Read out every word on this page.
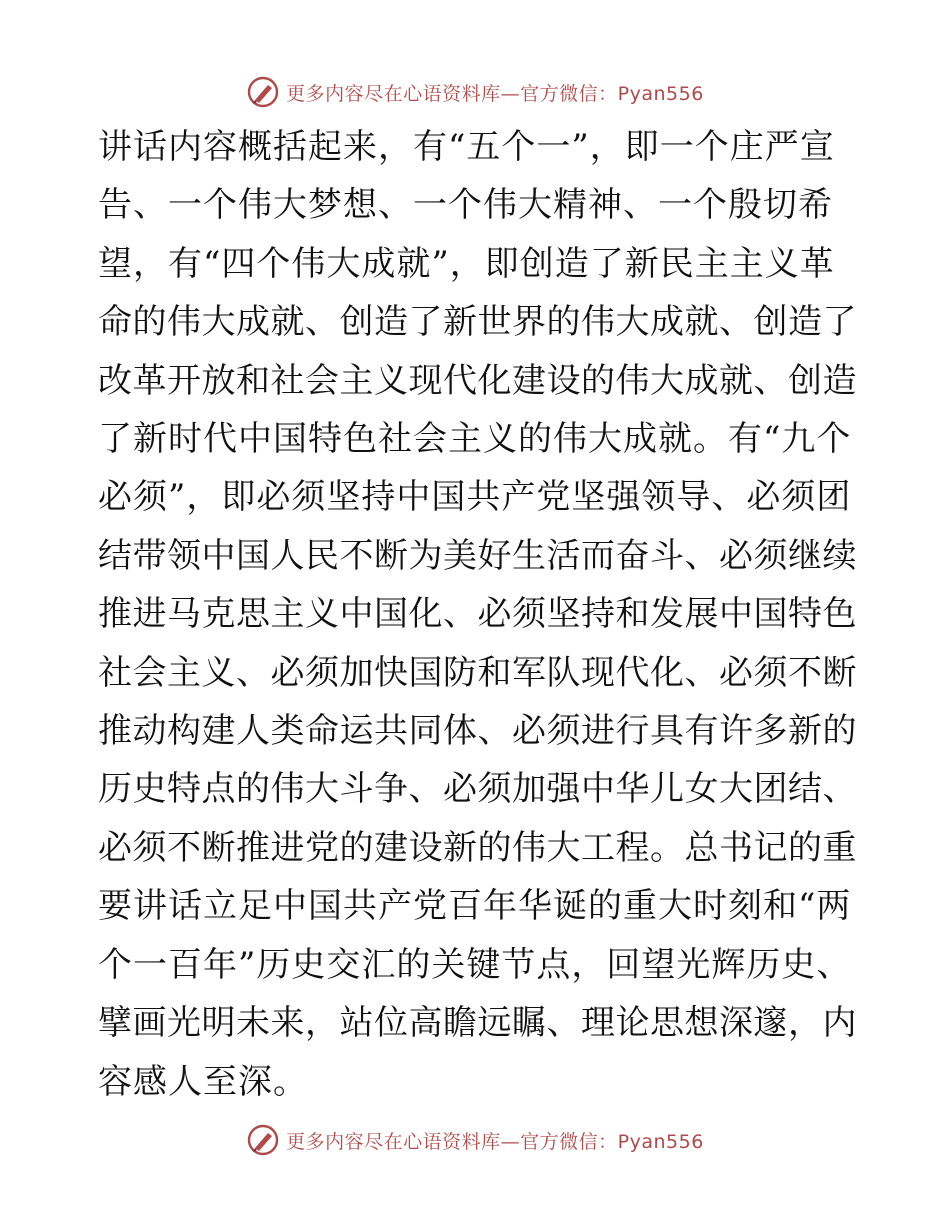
更多内容尽在心语资料库—官方微信：Pyan556
讲话内容概括起来，有“五个一”，即一个庄严宣
告、一个伟大梦想、一个伟大精神、一个殷切希
望，有“四个伟大成就”，即创造了新民主主义革
命的伟大成就、创造了新世界的伟大成就、创造了
改革开放和社会主义现代化建设的伟大成就、创造
了新时代中国特色社会主义的伟大成就。有“九个
必须”，即必须坚持中国共产党坚强领导、必须团
结带领中国人民不断为美好生活而奋斗、必须继续
推进马克思主义中国化、必须坚持和发展中国特色
社会主义、必须加快国防和军队现代化、必须不断
推动构建人类命运共同体、必须进行具有许多新的
历史特点的伟大斗争、必须加强中华儿女大团结、
必须不断推进党的建设新的伟大工程。总书记的重
要讲话立足中国共产党百年华诞的重大时刻和“两
个一百年”历史交汇的关键节点，回望光辉历史、
擘画光明未来，站位高瞻远瞩、理论思想深邃，内
容感人至深。
更多内容尽在心语资料库—官方微信：Pyan556
